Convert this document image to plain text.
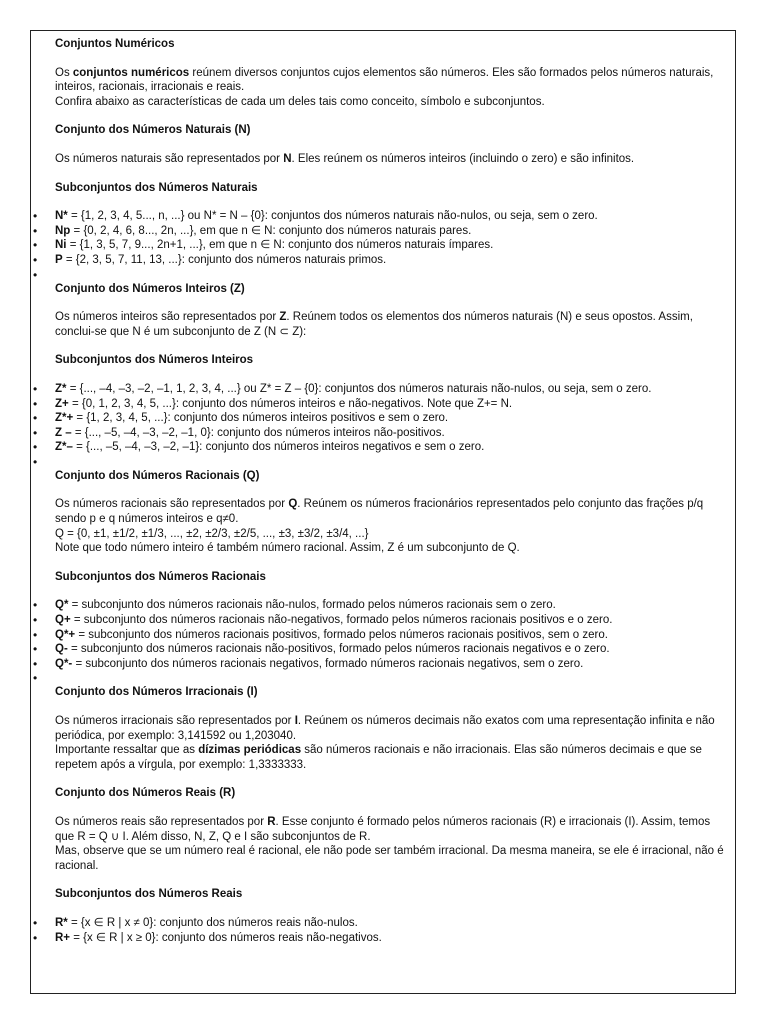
Conjuntos Numéricos

Os conjuntos numéricos reúnem diversos conjuntos cujos elementos são números. Eles são formados pelos números naturais, inteiros, racionais, irracionais e reais.

Confira abaixo as características de cada um deles tais como conceito, símbolo e subconjuntos.

Conjunto dos Números Naturais (N)

Os números naturais são representados por N. Eles reúnem os números inteiros (incluindo o zero) e são infinitos.

Subconjuntos dos Números Naturais
• N* = {1, 2, 3, 4, 5..., n, ...} ou N* = N – {0}: conjuntos dos números naturais não-nulos, ou seja, sem o zero.
• Np = {0, 2, 4, 6, 8..., 2n, ...}, em que n ∈ N: conjunto dos números naturais pares.
• Ni = {1, 3, 5, 7, 9..., 2n+1, ...}, em que n ∈ N: conjunto dos números naturais ímpares.
• P = {2, 3, 5, 7, 11, 13, ...}: conjunto dos números naturais primos.
•
Conjunto dos Números Inteiros (Z)

Os números inteiros são representados por Z. Reúnem todos os elementos dos números naturais (N) e seus opostos. Assim, conclui-se que N é um subconjunto de Z (N ⊂ Z):

Subconjuntos dos Números Inteiros
• Z* = {..., –4, –3, –2, –1, 1, 2, 3, 4, ...} ou Z* = Z – {0}: conjuntos dos números naturais não-nulos, ou seja, sem o zero.
• Z+ = {0, 1, 2, 3, 4, 5, ...}: conjunto dos números inteiros e não-negativos. Note que Z+= N.
• Z*+ = {1, 2, 3, 4, 5, ...}: conjunto dos números inteiros positivos e sem o zero.
• Z – = {..., –5, –4, –3, –2, –1, 0}: conjunto dos números inteiros não-positivos.
• Z*– = {..., –5, –4, –3, –2, –1}: conjunto dos números inteiros negativos e sem o zero.
•
Conjunto dos Números Racionais (Q)

Os números racionais são representados por Q. Reúnem os números fracionários representados pelo conjunto das frações p/q sendo p e q números inteiros e q≠0.

Q = {0, ±1, ±1/2, ±1/3, ..., ±2, ±2/3, ±2/5, ..., ±3, ±3/2, ±3/4, ...}

Note que todo número inteiro é também número racional. Assim, Z é um subconjunto de Q.

Subconjuntos dos Números Racionais
• Q* = subconjunto dos números racionais não-nulos, formado pelos números racionais sem o zero.
• Q+ = subconjunto dos números racionais não-negativos, formado pelos números racionais positivos e o zero.
• Q*+ = subconjunto dos números racionais positivos, formado pelos números racionais positivos, sem o zero.
• Q- = subconjunto dos números racionais não-positivos, formado pelos números racionais negativos e o zero.
• Q*- = subconjunto dos números racionais negativos, formado números racionais negativos, sem o zero.
•
Conjunto dos Números Irracionais (I)

Os números irracionais são representados por I. Reúnem os números decimais não exatos com uma representação infinita e não periódica, por exemplo: 3,141592 ou 1,203040.

Importante ressaltar que as dízimas periódicas são números racionais e não irracionais. Elas são números decimais e que se repetem após a vírgula, por exemplo: 1,3333333.

Conjunto dos Números Reais (R)

Os números reais são representados por R. Esse conjunto é formado pelos números racionais (R) e irracionais (I). Assim, temos que R = Q ∪ I. Além disso, N, Z, Q e I são subconjuntos de R.

Mas, observe que se um número real é racional, ele não pode ser também irracional. Da mesma maneira, se ele é irracional, não é racional.

Subconjuntos dos Números Reais
• R* = {x ∈ R | x ≠ 0}: conjunto dos números reais não-nulos.
• R+ = {x ∈ R | x ≥ 0}: conjunto dos números reais não-negativos.
